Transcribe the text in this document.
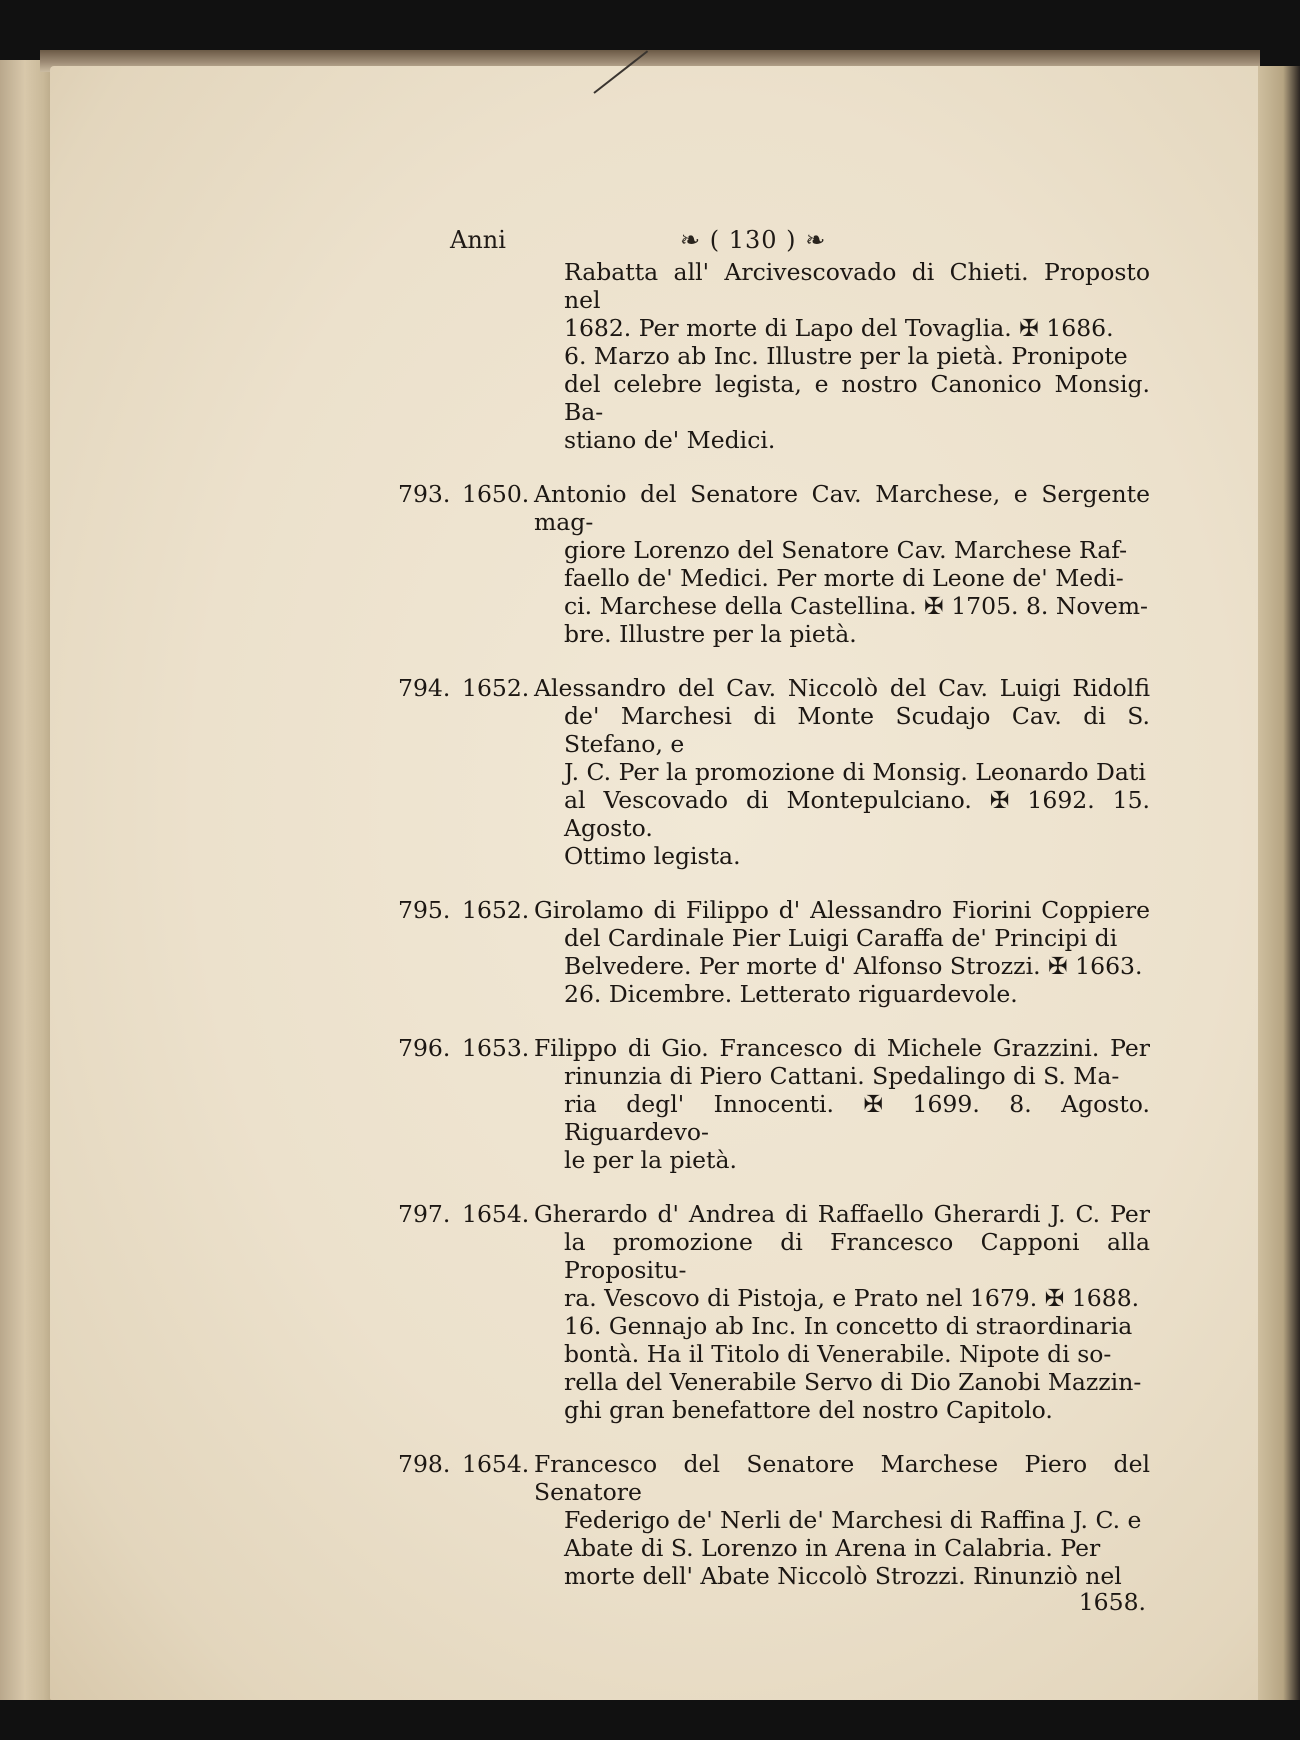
Anni	❧ ( 130 ) ❧
Rabatta all' Arcivescovado di Chieti. Proposto nel
1682. Per morte di Lapo del Tovaglia. ✠ 1686.
6. Marzo ab Inc. Illustre per la pietà. Pronipote
del celebre legista, e nostro Canonico Monsig. Ba-
stiano de' Medici.
793. 1650. Antonio del Senatore Cav. Marchese, e Sergente mag-
giore Lorenzo del Senatore Cav. Marchese Raf-
faello de' Medici. Per morte di Leone de' Medi-
ci. Marchese della Castellina. ✠ 1705. 8. Novem-
bre. Illustre per la pietà.
794. 1652. Alessandro del Cav. Niccolò del Cav. Luigi Ridolfi
de' Marchesi di Monte Scudajo Cav. di S. Stefano, e
J. C. Per la promozione di Monsig. Leonardo Dati
al Vescovado di Montepulciano. ✠ 1692. 15. Agosto.
Ottimo legista.
795. 1652. Girolamo di Filippo d' Alessandro Fiorini Coppiere
del Cardinale Pier Luigi Caraffa de' Principi di
Belvedere. Per morte d' Alfonso Strozzi. ✠ 1663.
26. Dicembre. Letterato riguardevole.
796. 1653. Filippo di Gio. Francesco di Michele Grazzini. Per
rinunzia di Piero Cattani. Spedalingo di S. Ma-
ria degl' Innocenti. ✠ 1699. 8. Agosto. Riguardevo-
le per la pietà.
797. 1654. Gherardo d' Andrea di Raffaello Gherardi J. C. Per
la promozione di Francesco Capponi alla Propositu-
ra. Vescovo di Pistoja, e Prato nel 1679. ✠ 1688.
16. Gennajo ab Inc. In concetto di straordinaria
bontà. Ha il Titolo di Venerabile. Nipote di so-
rella del Venerabile Servo di Dio Zanobi Mazzin-
ghi gran benefattore del nostro Capitolo.
798. 1654. Francesco del Senatore Marchese Piero del Senatore
Federigo de' Nerli de' Marchesi di Raffina J. C. e
Abate di S. Lorenzo in Arena in Calabria. Per
morte dell' Abate Niccolò Strozzi. Rinunziò nel
1658.
